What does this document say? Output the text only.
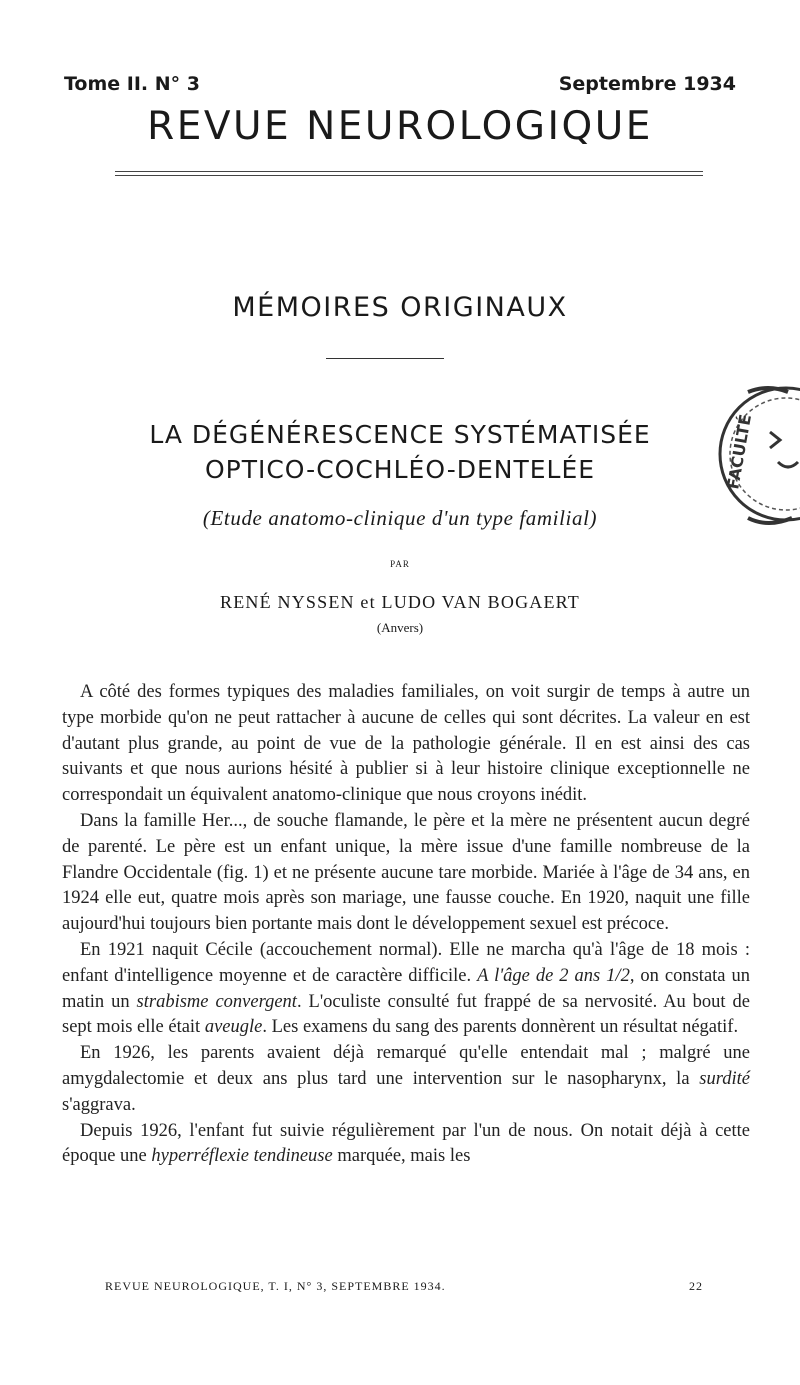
Tome II. N° 3	Septembre 1934
REVUE NEUROLOGIQUE
MÉMOIRES ORIGINAUX
LA DÉGÉNÉRESCENCE SYSTÉMATISÉE
OPTICO-COCHLÉO-DENTELÉE
(Etude anatomo-clinique d'un type familial)
PAR
RENÉ NYSSEN et LUDO VAN BOGAERT
(Anvers)

A côté des formes typiques des maladies familiales, on voit surgir de temps à autre un type morbide qu'on ne peut rattacher à aucune de celles qui sont décrites. La valeur en est d'autant plus grande, au point de vue de la pathologie générale. Il en est ainsi des cas suivants et que nous aurions hésité à publier si à leur histoire clinique exceptionnelle ne correspondait un équivalent anatomo-clinique que nous croyons inédit.

Dans la famille Her..., de souche flamande, le père et la mère ne présentent aucun degré de parenté. Le père est un enfant unique, la mère issue d'une famille nombreuse de la Flandre Occidentale (fig. 1) et ne présente aucune tare morbide. Mariée à l'âge de 34 ans, en 1924 elle eut, quatre mois après son mariage, une fausse couche. En 1920, naquit une fille aujourd'hui toujours bien portante mais dont le développement sexuel est précoce.

En 1921 naquit Cécile (accouchement normal). Elle ne marcha qu'à l'âge de 18 mois : enfant d'intelligence moyenne et de caractère difficile. A l'âge de 2 ans 1/2, on constata un matin un strabisme convergent. L'oculiste consulté fut frappé de sa nervosité. Au bout de sept mois elle était aveugle. Les examens du sang des parents donnèrent un résultat négatif.

En 1926, les parents avaient déjà remarqué qu'elle entendait mal ; malgré une amygdalectomie et deux ans plus tard une intervention sur le nasopharynx, la surdité s'aggrava.

Depuis 1926, l'enfant fut suivie régulièrement par l'un de nous. On notait déjà à cette époque une hyperréflexie tendineuse marquée, mais les

REVUE NEUROLOGIQUE, T. I, N° 3, SEPTEMBRE 1934.	22
FACULTÉ
